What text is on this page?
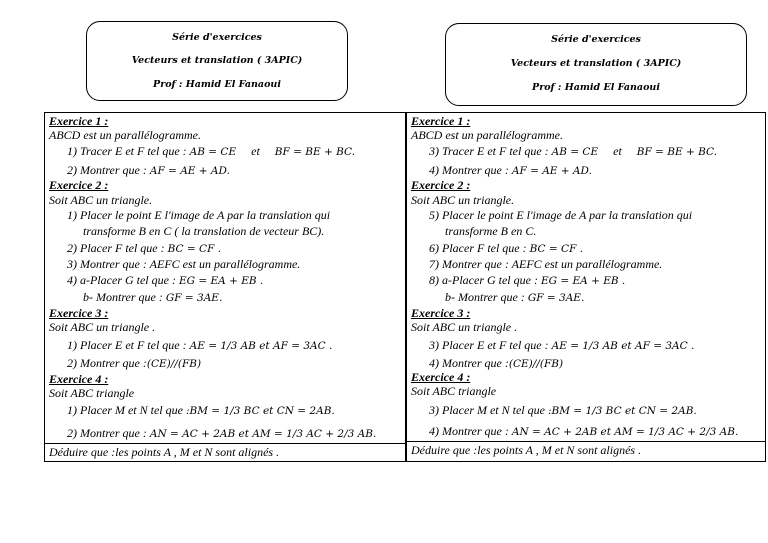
Série d'exercices
Vecteurs et translation ( 3APIC)
Prof : Hamid El Fanaoui
Série d'exercices
Vecteurs et translation ( 3APIC)
Prof : Hamid El Fanaoui
Exercice 1 :
ABCD est un parallélogramme.
1) Tracer E et F tel que : AB = CE et BF = BE + BC.
2) Montrer que : AF = AE + AD.
Exercice 2 :
Soit ABC un triangle.
1) Placer le point E l'image de A par la translation qui
transforme B en C ( la translation de vecteur BC).
2) Placer F tel que : BC = CF .
3) Montrer que : AEFC est un parallélogramme.
4) a-Placer G tel que : EG = EA + EB .
b- Montrer que : GF = 3AE.
Exercice 3 :
Soit ABC un triangle .
1) Placer E et F tel que : AE = 1/3 AB et AF = 3AC .
2) Montrer que :(CE)//(FB)
Exercice 4 :
Soit ABC triangle
1) Placer M et N tel que :BM = 1/3 BC et CN = 2AB.
2) Montrer que : AN = AC + 2AB et AM = 1/3 AC + 2/3 AB.
Déduire que :les points A , M et N sont alignés .
Exercice 1 :
ABCD est un parallélogramme.
3) Tracer E et F tel que : AB = CE et BF = BE + BC.
4) Montrer que : AF = AE + AD.
Exercice 2 :
Soit ABC un triangle.
5) Placer le point E l'image de A par la translation qui
transforme B en C.
6) Placer F tel que : BC = CF .
7) Montrer que : AEFC est un parallélogramme.
8) a-Placer G tel que : EG = EA + EB .
b- Montrer que : GF = 3AE.
Exercice 3 :
Soit ABC un triangle .
3) Placer E et F tel que : AE = 1/3 AB et AF = 3AC .
4) Montrer que :(CE)//(FB)
Exercice 4 :
Soit ABC triangle
3) Placer M et N tel que :BM = 1/3 BC et CN = 2AB.
4) Montrer que : AN = AC + 2AB et AM = 1/3 AC + 2/3 AB.
Déduire que :les points A , M et N sont alignés .
